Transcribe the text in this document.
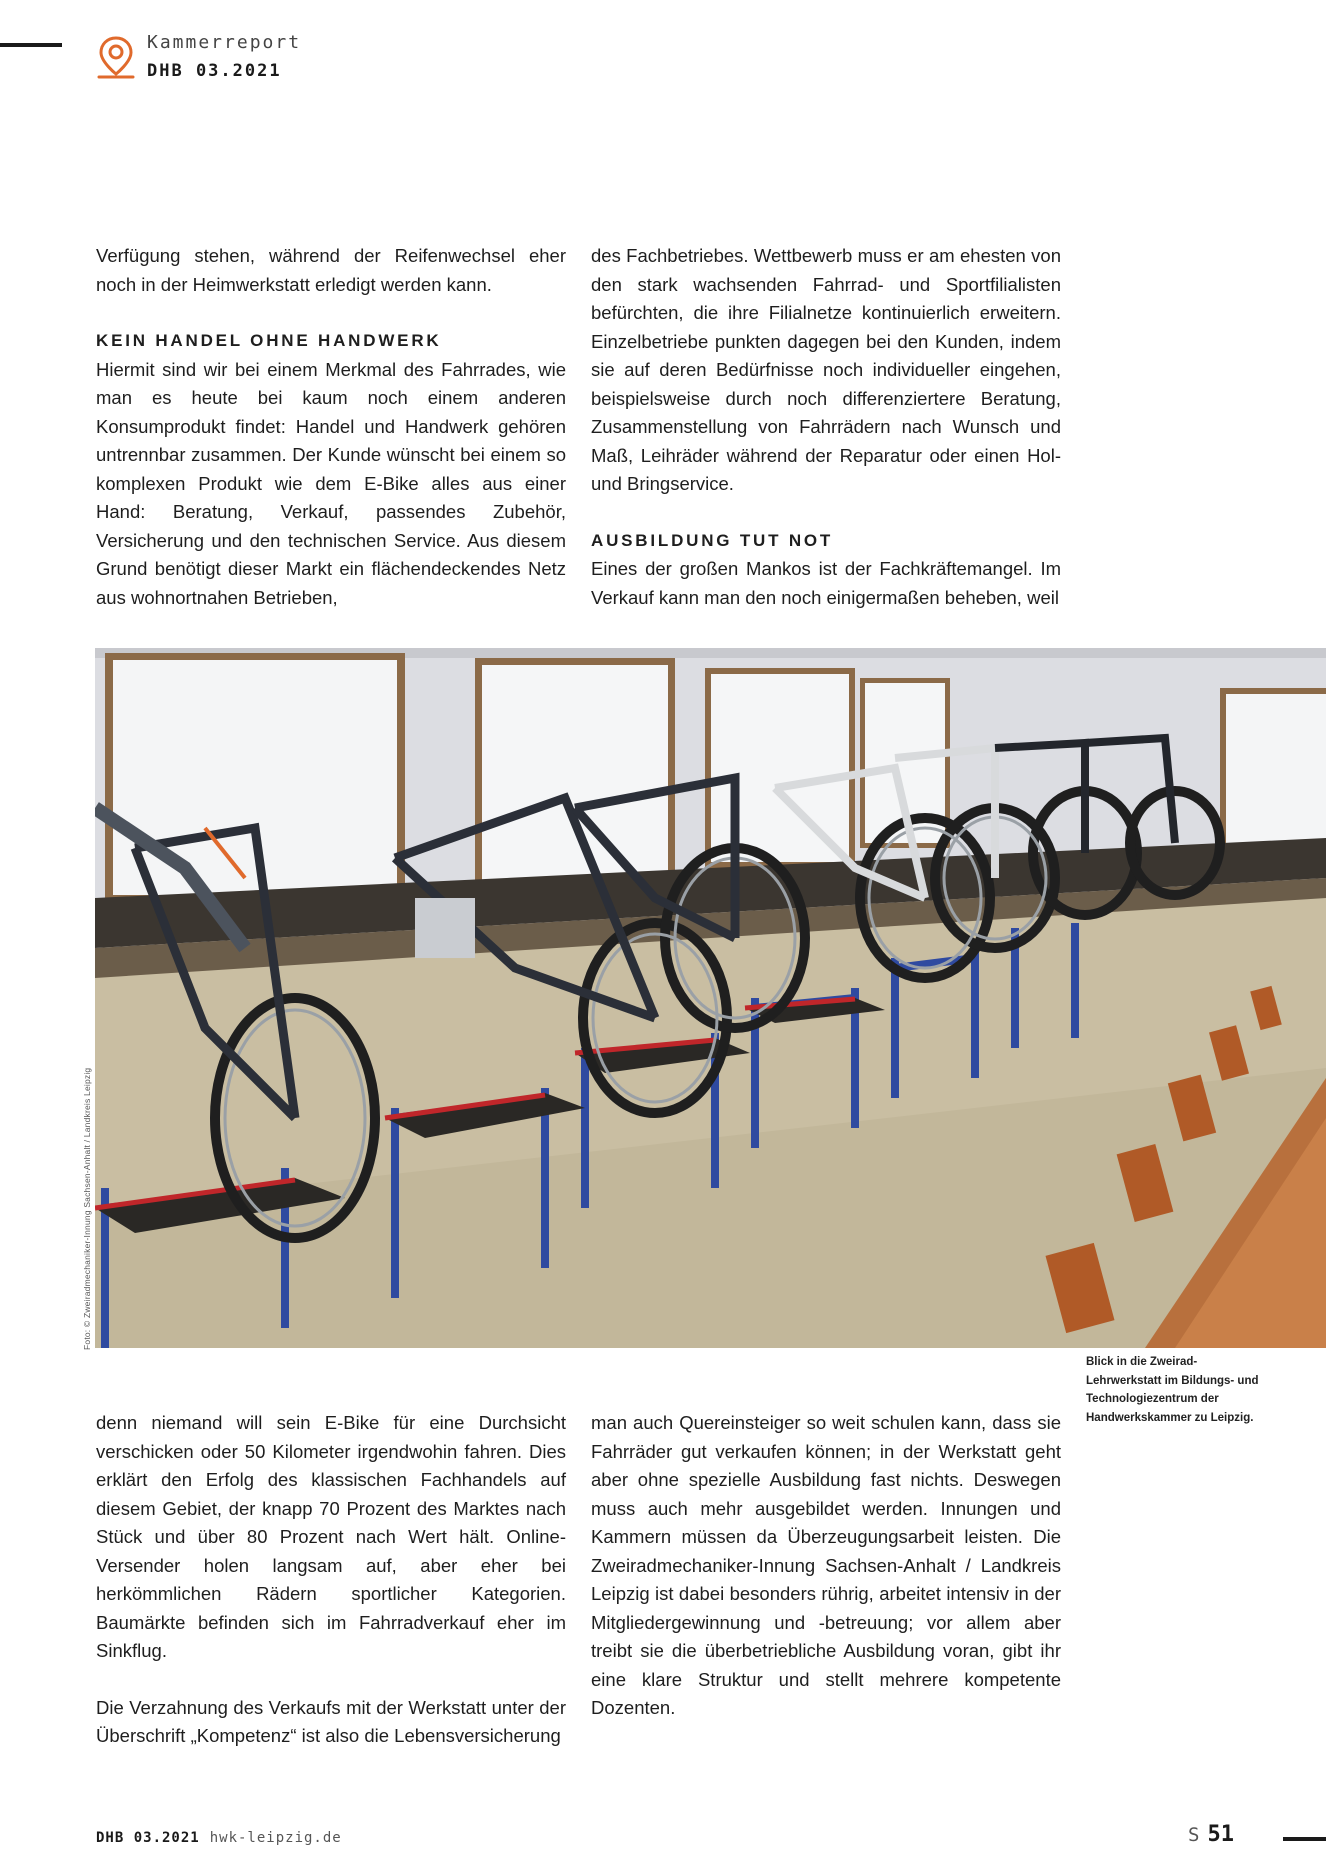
Kammerreport
DHB 03.2021

Verfügung stehen, während der Reifenwechsel eher noch in der Heimwerkstatt erledigt werden kann.

KEIN HANDEL OHNE HANDWERK

Hiermit sind wir bei einem Merkmal des Fahrrades, wie man es heute bei kaum noch einem anderen Konsumprodukt findet: Handel und Handwerk gehören untrennbar zusammen. Der Kunde wünscht bei einem so komplexen Produkt wie dem E-Bike alles aus einer Hand: Beratung, Verkauf, passendes Zubehör, Versicherung und den technischen Service. Aus diesem Grund benötigt dieser Markt ein flächendeckendes Netz aus wohnortnahen Betrieben,

des Fachbetriebes. Wettbewerb muss er am ehesten von den stark wachsenden Fahrrad- und Sportfilialisten befürchten, die ihre Filialnetze kontinuierlich erweitern. Einzelbetriebe punkten dagegen bei den Kunden, indem sie auf deren Bedürfnisse noch individueller eingehen, beispielsweise durch noch differenziertere Beratung, Zusammenstellung von Fahrrädern nach Wunsch und Maß, Leihräder während der Reparatur oder einen Hol- und Bringservice.

AUSBILDUNG TUT NOT

Eines der großen Mankos ist der Fachkräftemangel. Im Verkauf kann man den noch einigermaßen beheben, weil

Foto: © Zweiradmechaniker-Innung Sachsen-Anhalt / Landkreis Leipzig
Blick in die Zweirad-Lehrwerkstatt im Bildungs- und Technologiezentrum der Handwerkskammer zu Leipzig.

denn niemand will sein E-Bike für eine Durchsicht verschicken oder 50 Kilometer irgendwohin fahren. Dies erklärt den Erfolg des klassischen Fachhandels auf diesem Gebiet, der knapp 70 Prozent des Marktes nach Stück und über 80 Prozent nach Wert hält. Online-Versender holen langsam auf, aber eher bei herkömmlichen Rädern sportlicher Kategorien. Baumärkte befinden sich im Fahrradverkauf eher im Sinkflug.

Die Verzahnung des Verkaufs mit der Werkstatt unter der Überschrift „Kompetenz“ ist also die Lebensversicherung

man auch Quereinsteiger so weit schulen kann, dass sie Fahrräder gut verkaufen können; in der Werkstatt geht aber ohne spezielle Ausbildung fast nichts. Deswegen muss auch mehr ausgebildet werden. Innungen und Kammern müssen da Überzeugungsarbeit leisten. Die Zweiradmechaniker-Innung Sachsen-Anhalt / Landkreis Leipzig ist dabei besonders rührig, arbeitet intensiv in der Mitgliedergewinnung und -betreuung; vor allem aber treibt sie die überbetriebliche Ausbildung voran, gibt ihr eine klare Struktur und stellt mehrere kompetente Dozenten.

DHB 03.2021 hwk-leipzig.de	S 51
